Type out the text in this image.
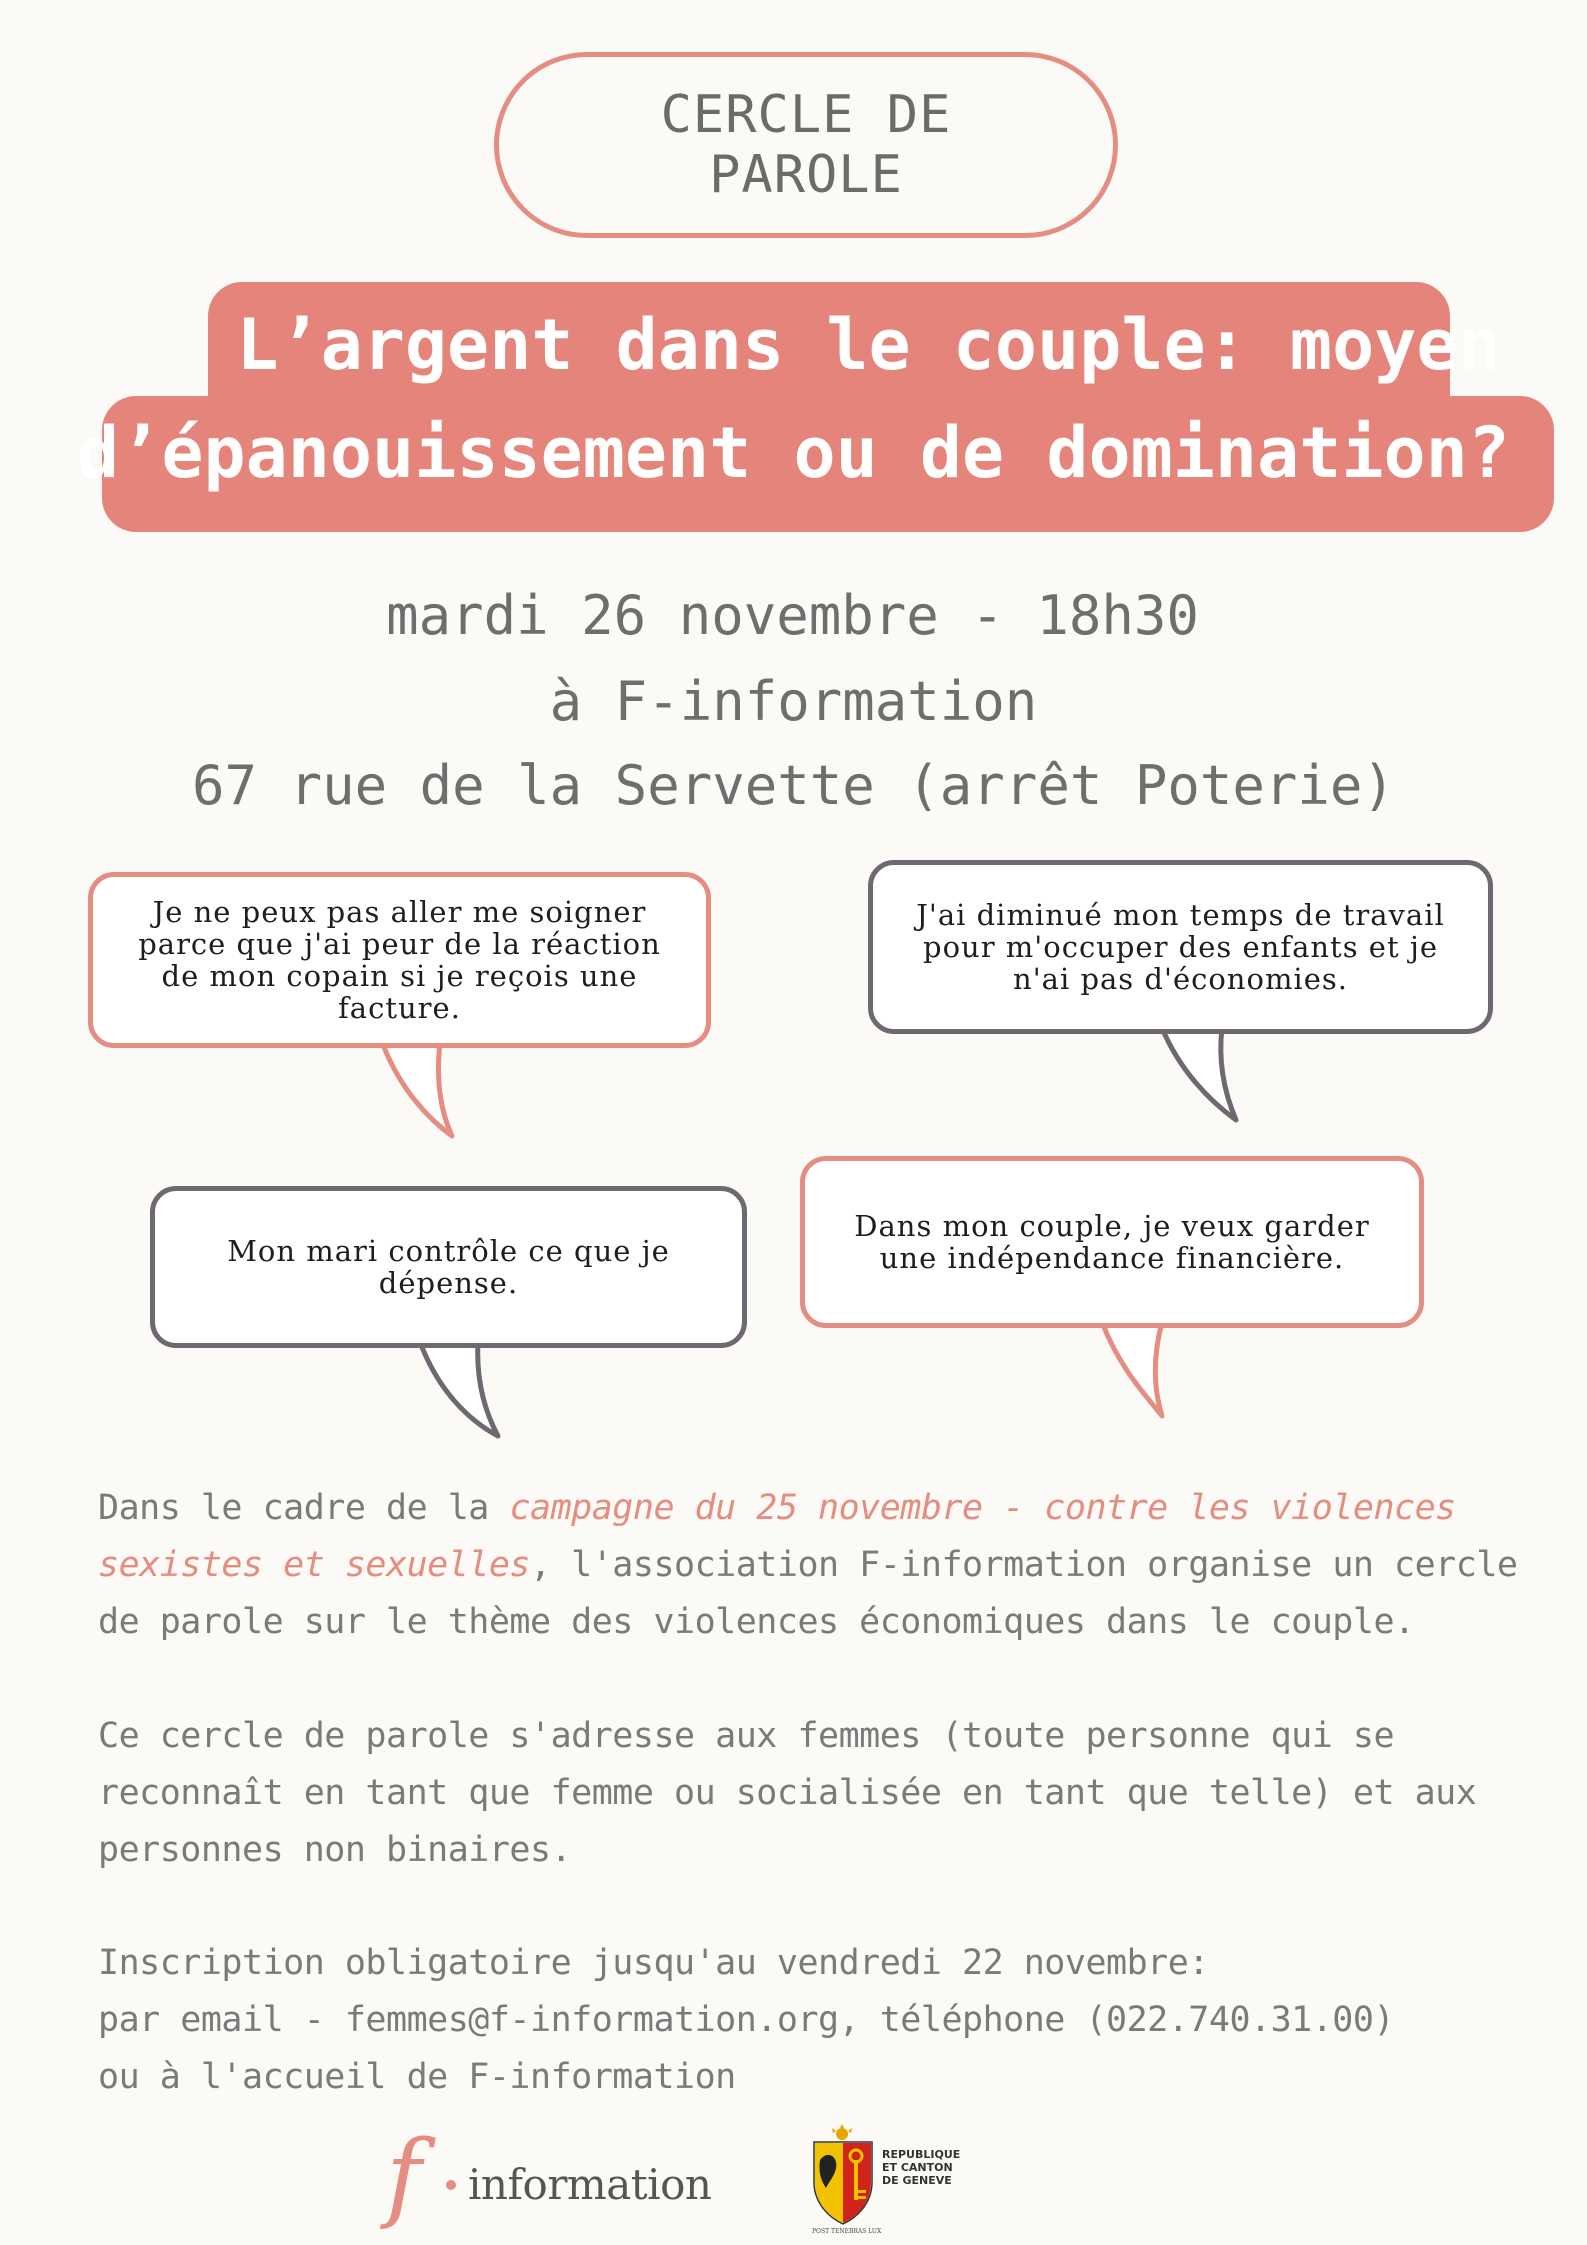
CERCLE DE
PAROLE
L’argent dans le couple: moyen
d’épanouissement ou de domination?
mardi 26 novembre - 18h30
à F-information
67 rue de la Servette (arrêt Poterie)
Je ne peux pas aller me soigner parce que j'ai peur de la réaction de mon copain si je reçois une facture.
J'ai diminué mon temps de travail pour m'occuper des enfants et je n'ai pas d'économies.
Mon mari contrôle ce que je dépense.
Dans mon couple, je veux garder une indépendance financière.
Dans le cadre de la campagne du 25 novembre - contre les violences sexistes et sexuelles, l'association F-information organise un cercle de parole sur le thème des violences économiques dans le couple.
Ce cercle de parole s'adresse aux femmes (toute personne qui se reconnaît en tant que femme ou socialisée en tant que telle) et aux personnes non binaires.
Inscription obligatoire jusqu'au vendredi 22 novembre:
par email - femmes@f-information.org, téléphone (022.740.31.00)
ou à l'accueil de F-information
f information
REPUBLIQUE
ET CANTON
DE GENEVE
POST TENEBRAS LUX
